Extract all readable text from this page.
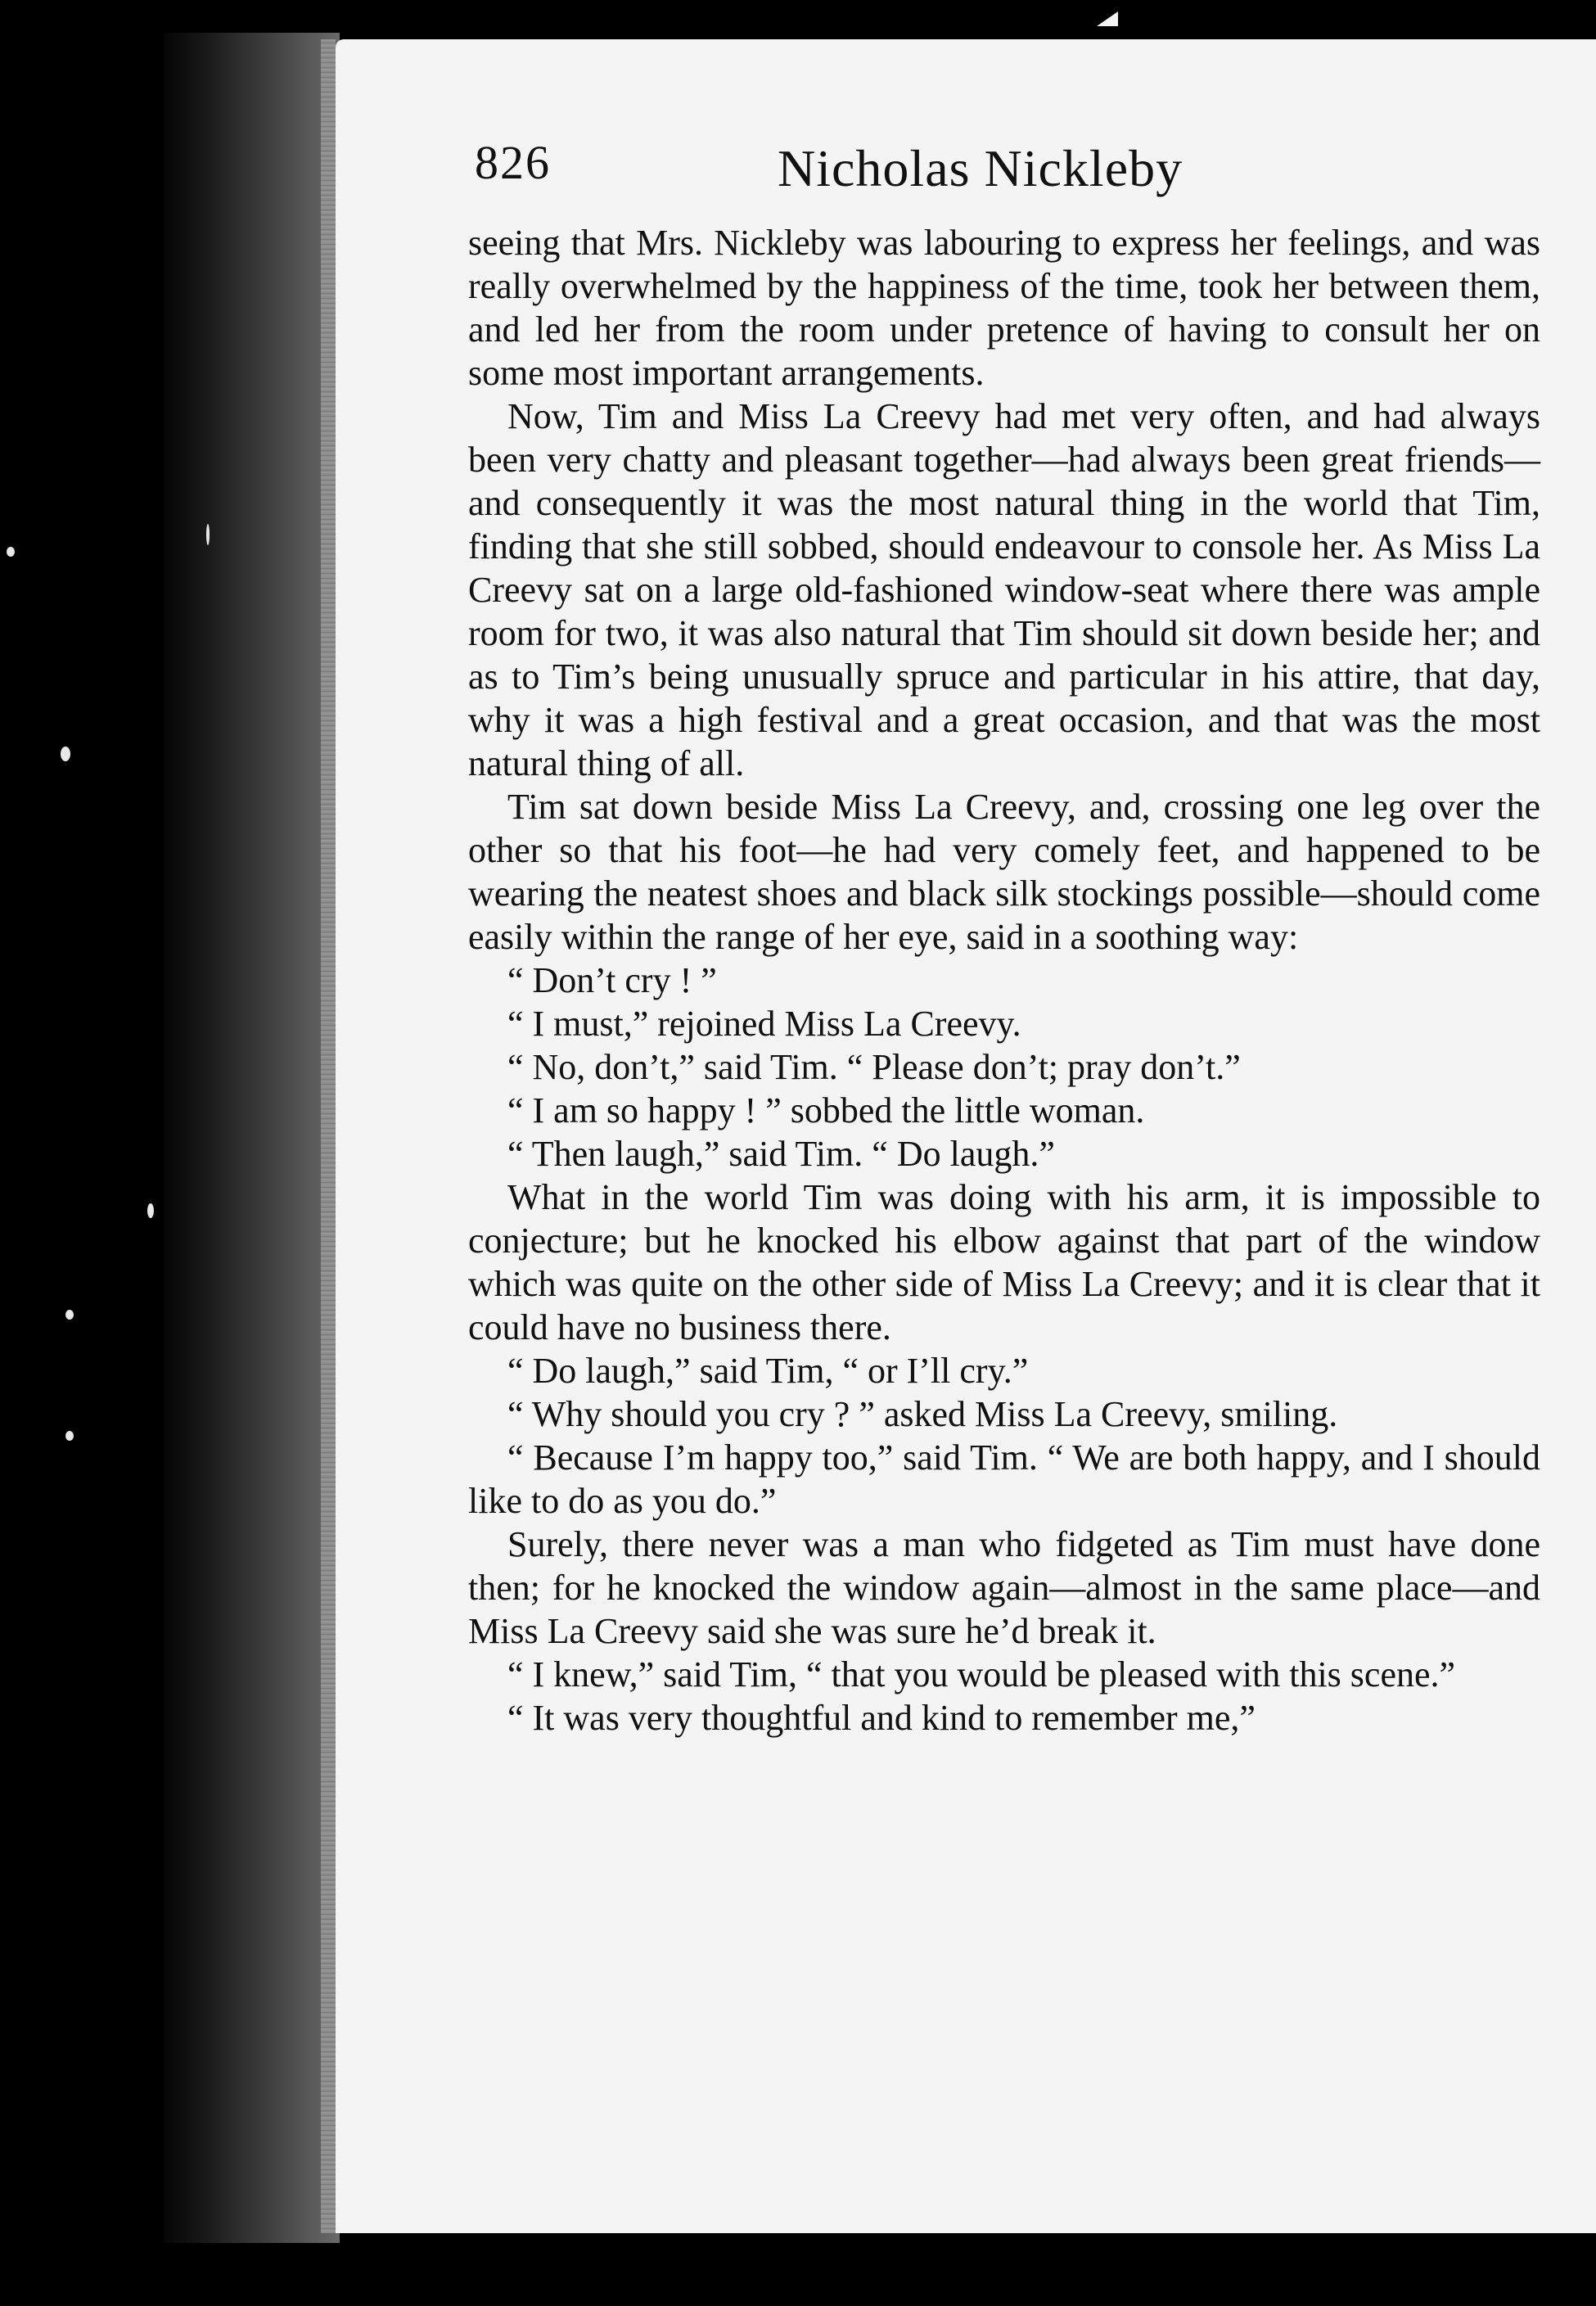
826	Nicholas Nickleby

seeing that Mrs. Nickleby was labouring to express her feelings, and was really overwhelmed by the happiness of the time, took her between them, and led her from the room under pretence of having to consult her on some most important arrangements.

Now, Tim and Miss La Creevy had met very often, and had always been very chatty and pleasant together—had always been great friends—and consequently it was the most natural thing in the world that Tim, finding that she still sobbed, should endeavour to console her. As Miss La Creevy sat on a large old-fashioned window-seat where there was ample room for two, it was also natural that Tim should sit down beside her; and as to Tim’s being unusually spruce and particular in his attire, that day, why it was a high festival and a great occasion, and that was the most natural thing of all.

Tim sat down beside Miss La Creevy, and, crossing one leg over the other so that his foot—he had very comely feet, and happened to be wearing the neatest shoes and black silk stockings possible—should come easily within the range of her eye, said in a soothing way:

“ Don’t cry ! ”

“ I must,” rejoined Miss La Creevy.

“ No, don’t,” said Tim. “ Please don’t; pray don’t.”

“ I am so happy ! ” sobbed the little woman.

“ Then laugh,” said Tim. “ Do laugh.”

What in the world Tim was doing with his arm, it is impossible to conjecture; but he knocked his elbow against that part of the window which was quite on the other side of Miss La Creevy; and it is clear that it could have no business there.

“ Do laugh,” said Tim, “ or I’ll cry.”

“ Why should you cry ? ” asked Miss La Creevy, smiling.

“ Because I’m happy too,” said Tim. “ We are both happy, and I should like to do as you do.”

Surely, there never was a man who fidgeted as Tim must have done then; for he knocked the window again—almost in the same place—and Miss La Creevy said she was sure he’d break it.

“ I knew,” said Tim, “ that you would be pleased with this scene.”

“ It was very thoughtful and kind to remember me,”
